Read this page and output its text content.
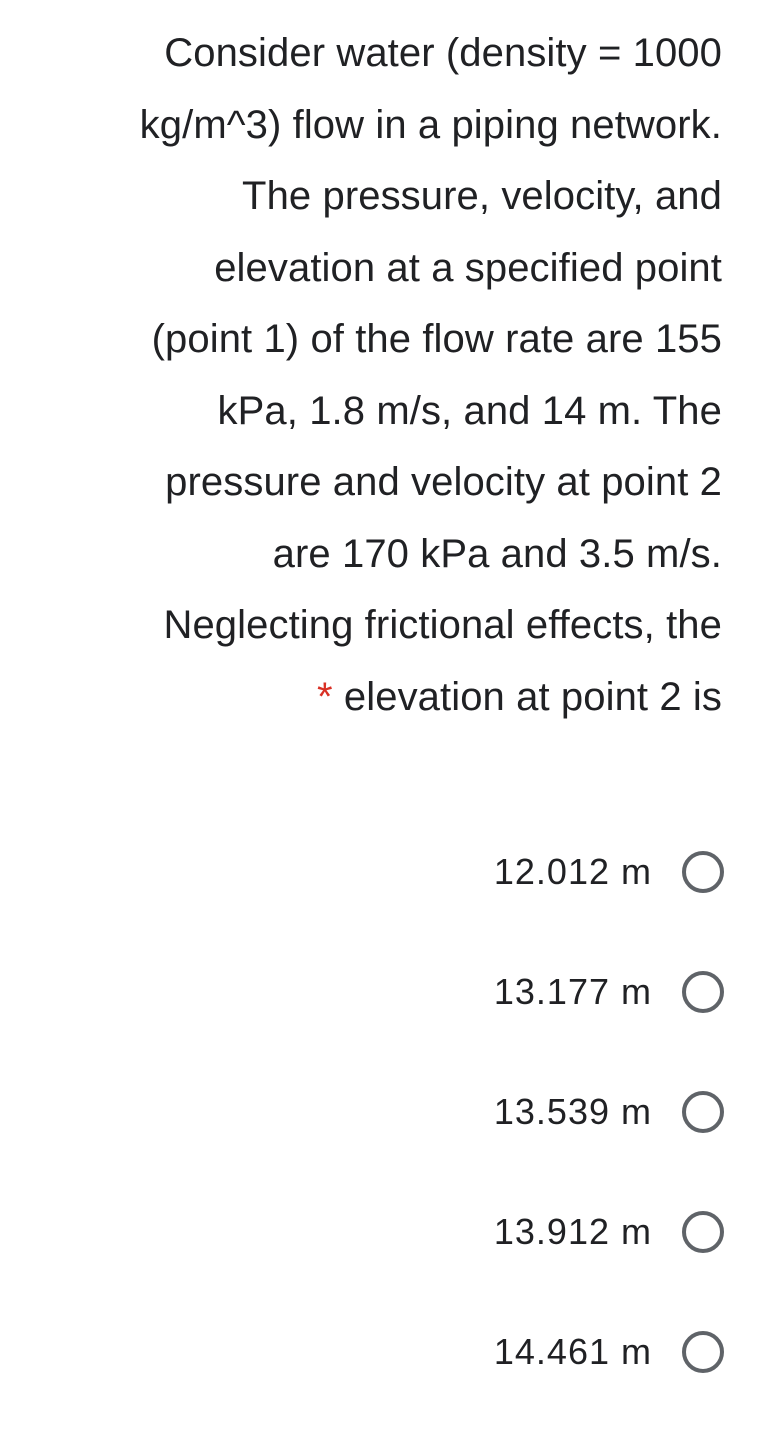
Consider water (density = 1000
kg/m^3) flow in a piping network.
The pressure, velocity, and
elevation at a specified point
(point 1) of the flow rate are 155
kPa, 1.8 m/s, and 14 m. The
pressure and velocity at point 2
are 170 kPa and 3.5 m/s.
Neglecting frictional effects, the
* elevation at point 2 is
12.012 m
13.177 m
13.539 m
13.912 m
14.461 m
